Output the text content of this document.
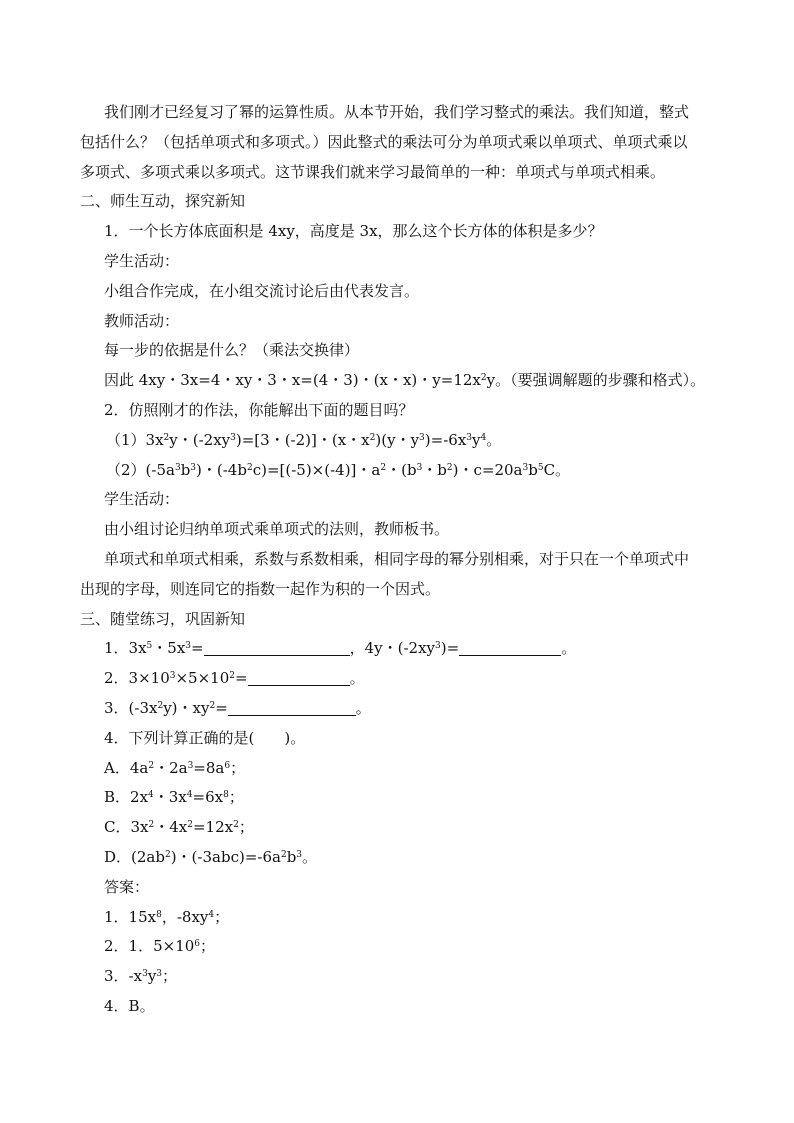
我们刚才已经复习了幂的运算性质。从本节开始，我们学习整式的乘法。我们知道，整式
包括什么？（包括单项式和多项式。）因此整式的乘法可分为单项式乘以单项式、单项式乘以
多项式、多项式乘以多项式。这节课我们就来学习最简单的一种：单项式与单项式相乘。
二、师生互动，探究新知
1．一个长方体底面积是 4xy，高度是 3x，那么这个长方体的体积是多少？
学生活动：
小组合作完成，在小组交流讨论后由代表发言。
教师活动：
每一步的依据是什么？（乘法交换律）
因此 4xy・3x=4・xy・3・x=(4・3)・(x・x)・$y=12x^2y$。（要强调解题的步骤和格式）。
2．仿照刚才的作法，你能解出下面的题目吗？
$(1)3x^2y$・$(-2xy^3)=[3$・(-2)]・(x・$x^2)(y$・$y^3)=-6x^3y^4$。
$(2)(-5a^3b^3)$・$(-4b^2c)=[(-5)\times(-4)]$・$a^2$・($b^3$・$b^2$)・$c=20a^3b^5C$。
学生活动：
由小组讨论归纳单项式乘单项式的法则，教师板书。
单项式和单项式相乘，系数与系数相乘，相同字母的幂分别相乘，对于只在一个单项式中
出现的字母，则连同它的指数一起作为积的一个因式。
三、随堂练习，巩固新知
1．$3x^5$・$5x^3=$	，4y・$(-2xy^3)=$	。
2．$3\times 10^3\times 5\times 10^2=$	。
3．$(-3x^2y)$・$xy^2=$	。
4．下列计算正确的是(　　)。
A．$4a^2$・$2a^3=8a^6$；
B．$2x^4$・$3x^4=6x^8$；
C．$3x^2$・$4x^2=12x^2$；
D．$(2ab^2)$・$(-3abc)=-6a^2b^3$。
答案：
1．$15x^8$，$-8xy^4$；
2．1．$5\times 10^6$；
3．$-x^3y^3$；
4．B。
